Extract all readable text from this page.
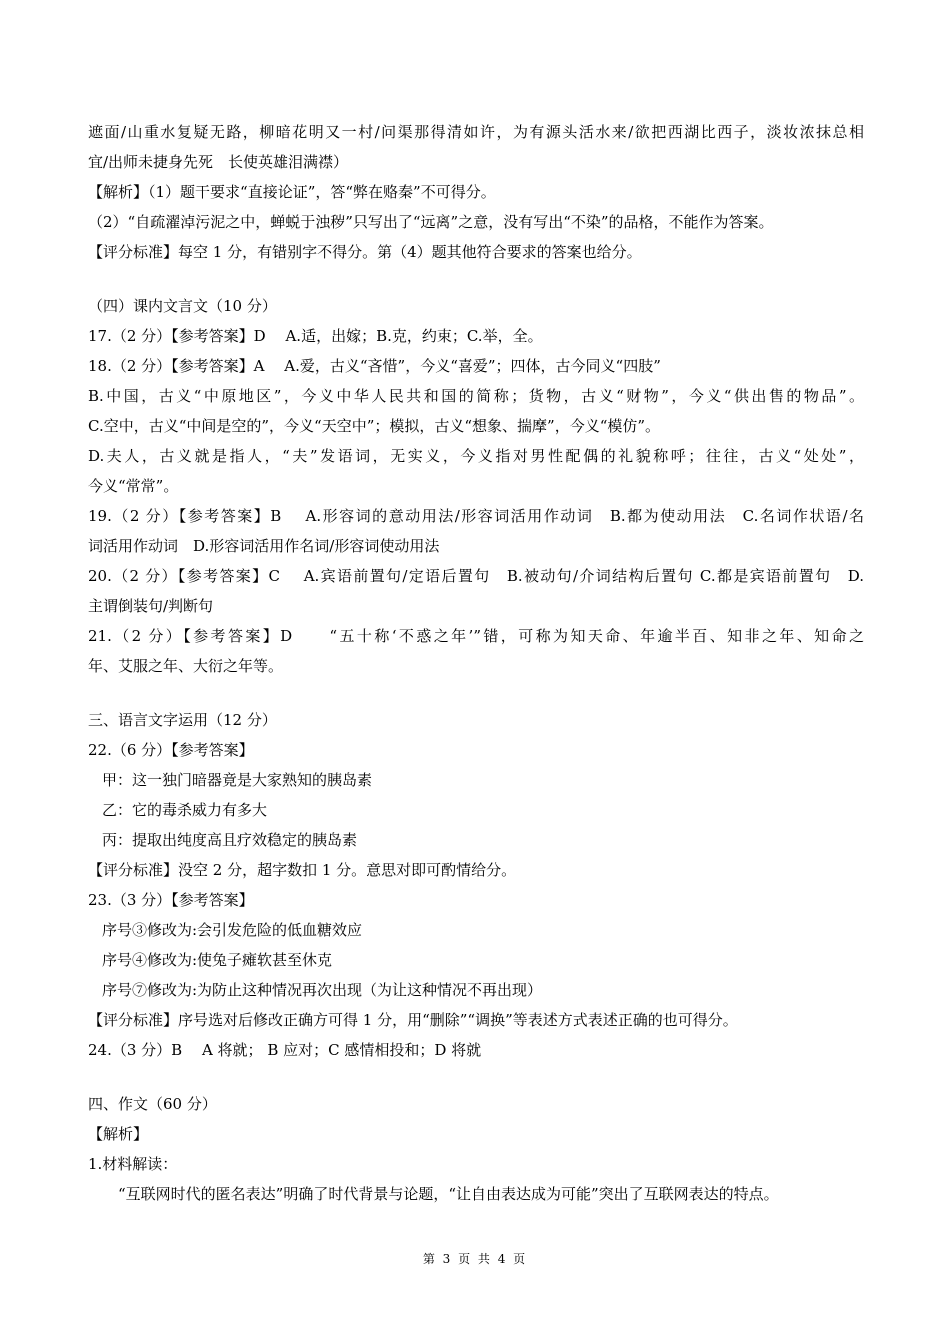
遮面/山重水复疑无路，柳暗花明又一村/问渠那得清如许，为有源头活水来/欲把西湖比西子，淡妆浓抹总相
宜/出师未捷身先死　长使英雄泪满襟）
【解析】（1）题干要求“直接论证”，答“弊在赂秦”不可得分。
（2）“自疏濯淖污泥之中，蝉蜕于浊秽”只写出了“远离”之意，没有写出“不染”的品格，不能作为答案。
【评分标准】每空 1 分，有错别字不得分。第（4）题其他符合要求的答案也给分。
（四）课内文言文（10 分）
17.（2 分）【参考答案】D　 A.适，出嫁；B.克，约束；C.举，全。
18.（2 分）【参考答案】A　 A.爱，古义“吝惜”，今义“喜爱”；四体，古今同义“四肢”
B.中国，古义“中原地区”，今义中华人民共和国的简称；货物，古义“财物”，今义“供出售的物品”。
C.空中，古义“中间是空的”，今义“天空中”；模拟，古义“想象、揣摩”，今义“模仿”。
D.夫人，古义就是指人，“夫”发语词，无实义，今义指对男性配偶的礼貌称呼；往往，古义“处处”，
今义“常常”。
19.（2 分）【参考答案】B　 A.形容词的意动用法/形容词活用作动词　B.都为使动用法　C.名词作状语/名
词活用作动词　D.形容词活用作名词/形容词使动用法
20.（2 分）【参考答案】C　 A.宾语前置句/定语后置句　B.被动句/介词结构后置句 C.都是宾语前置句　D.
主谓倒装句/判断句
21.（2 分）【参考答案】D　　“五十称‘不惑之年’”错，可称为知天命、年逾半百、知非之年、知命之
年、艾服之年、大衍之年等。
三、语言文字运用（12 分）
22.（6 分）【参考答案】
甲：这一独门暗器竟是大家熟知的胰岛素
乙：它的毒杀威力有多大
丙：提取出纯度高且疗效稳定的胰岛素
【评分标准】没空 2 分，超字数扣 1 分。意思对即可酌情给分。
23.（3 分）【参考答案】
序号③修改为:会引发危险的低血糖效应
序号④修改为:使兔子瘫软甚至休克
序号⑦修改为:为防止这种情况再次出现（为让这种情况不再出现）
【评分标准】序号选对后修改正确方可得 1 分，用“删除”“调换”等表述方式表述正确的也可得分。
24.（3 分）B　 A 将就； B 应对；C 感情相投和；D 将就
四、作文（60 分）
【解析】
1.材料解读：
“互联网时代的匿名表达”明确了时代背景与论题，“让自由表达成为可能”突出了互联网表达的特点。
第 3 页 共 4 页
